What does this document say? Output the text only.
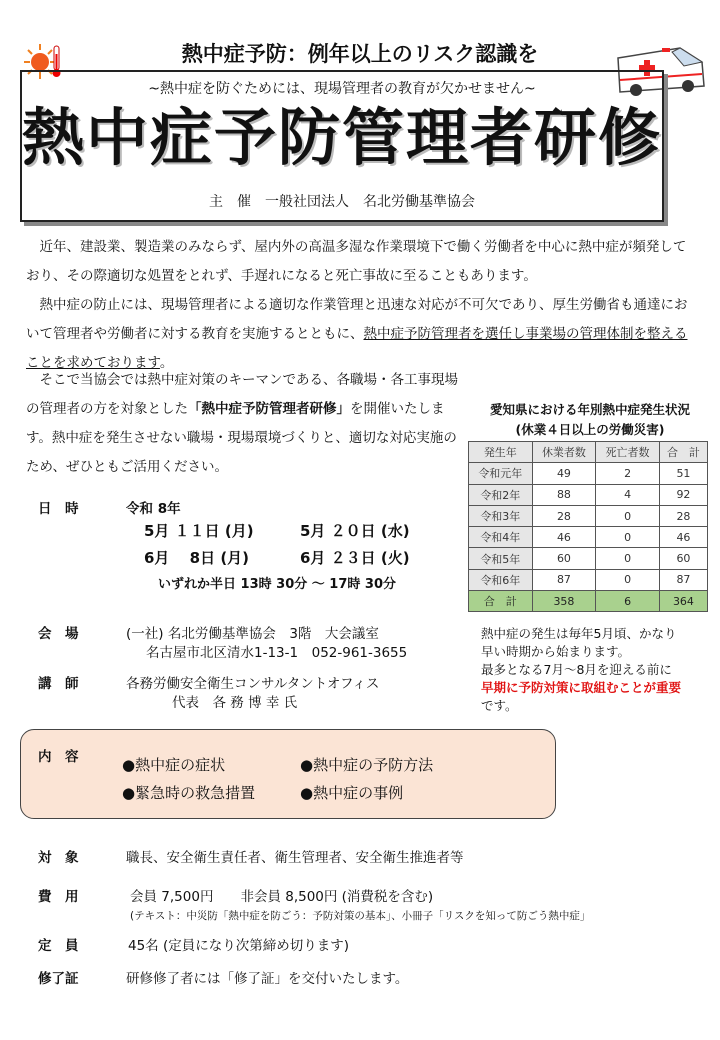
熱中症予防：例年以上のリスク認識を
~熱中症を防ぐためには、現場管理者の教育が欠かせません~
熱中症予防管理者研修
主　催　一般社団法人　名北労働基準協会

近年、建設業、製造業のみならず、屋内外の高温多湿な作業環境下で働く労働者を中心に熱中症が頻発しており、その際適切な処置をとれず、手遅れになると死亡事故に至ることもあります。

熱中症の防止には、現場管理者による適切な作業管理と迅速な対応が不可欠であり、厚生労働省も通達において管理者や労働者に対する教育を実施するとともに、熱中症予防管理者を選任し事業場の管理体制を整えることを求めております。

そこで当協会では熱中症対策のキーマンである、各職場・各工事現場の管理者の方を対象とした「熱中症予防管理者研修」を開催いたします。熱中症を発生させない職場・現場環境づくりと、適切な対応実施のため、ぜひともご活用ください。

愛知県における年別熱中症発生状況
(休業４日以上の労働災害)
発生年	休業者数	死亡者数	合　計
令和元年	49	2	51
令和2年	88	4	92
令和3年	28	0	28
令和4年	46	0	46
令和5年	60	0	60
令和6年	87	0	87
合　計	358	6	364
熱中症の発生は毎年5月頃、かなり
早い時期から始まります。
最多となる7月～8月を迎える前に
早期に予防対策に取組むことが重要
です。
日　時	令和 8年
5月 １１日 (月)	5月 ２０日 (水)
6月　 8日 (月)	6月 ２３日 (火)
いずれか半日 13時 30分 ～ 17時 30分
会　場	(一社) 名北労働基準協会　3階　大会議室
名古屋市北区清水1-13-1　052-961-3655
講　師	各務労働安全衛生コンサルタントオフィス
代表　各 務 博 幸 氏
内　容	●熱中症の症状	●熱中症の予防方法
●緊急時の救急措置	●熱中症の事例
対　象	職長、安全衛生責任者、衛生管理者、安全衛生推進者等
費　用	会員 7,500円　　非会員 8,500円 (消費税を含む)
(テキスト：中災防「熱中症を防ごう：予防対策の基本」、小冊子「リスクを知って防ごう熱中症」
定　員	45名 (定員になり次第締め切ります)
修了証	研修修了者には「修了証」を交付いたします。
